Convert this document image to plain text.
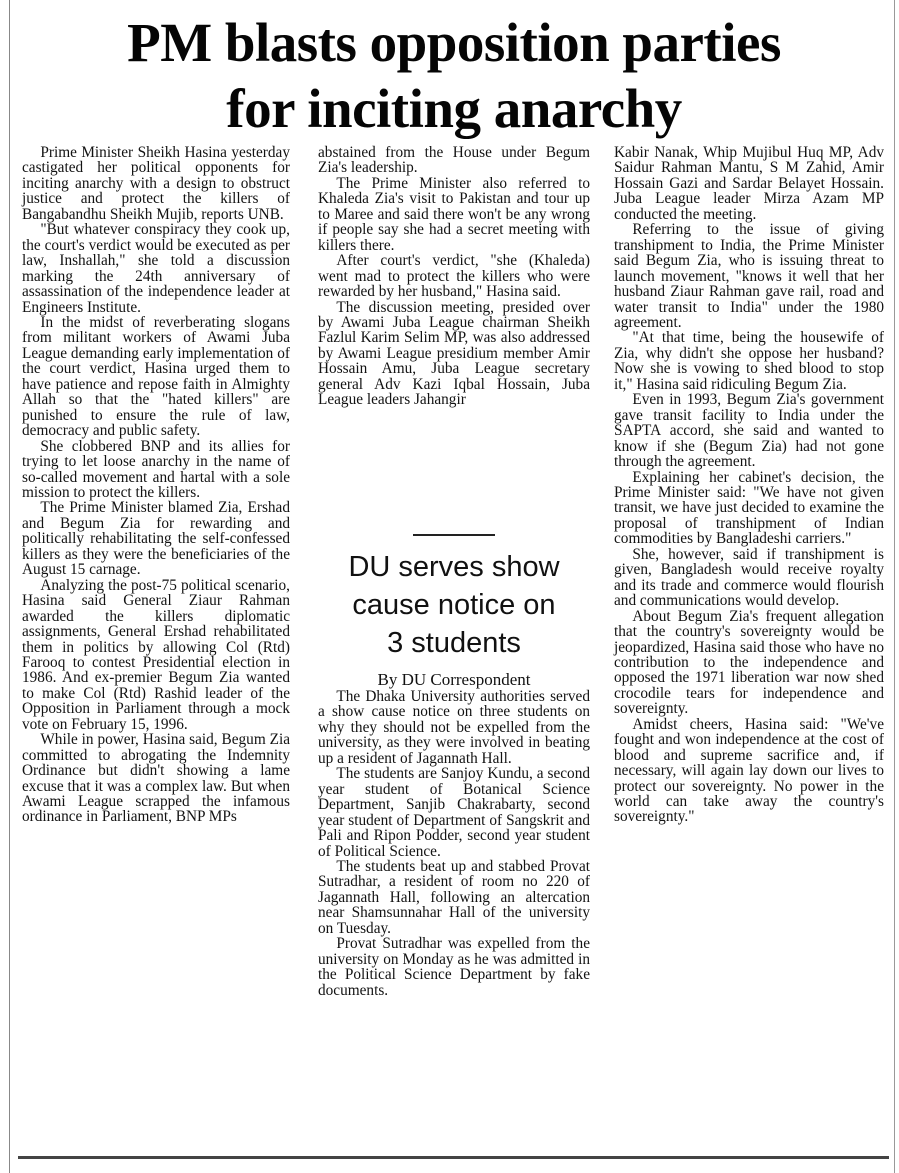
PM blasts opposition parties
for inciting anarchy

Prime Minister Sheikh Hasina yesterday castigated her political opponents for inciting anarchy with a design to obstruct justice and protect the killers of Bangabandhu Sheikh Mujib, reports UNB.

"But whatever conspiracy they cook up, the court's verdict would be executed as per law, Inshallah," she told a discussion marking the 24th anniversary of assassination of the independence leader at Engineers Institute.

In the midst of reverberating slogans from militant workers of Awami Juba League demanding early implementation of the court verdict, Hasina urged them to have patience and repose faith in Almighty Allah so that the "hated killers" are punished to ensure the rule of law, democracy and public safety.

She clobbered BNP and its allies for trying to let loose anarchy in the name of so-called movement and hartal with a sole mission to protect the killers.

The Prime Minister blamed Zia, Ershad and Begum Zia for rewarding and politically rehabilitating the self-confessed killers as they were the beneficiaries of the August 15 carnage.

Analyzing the post-75 political scenario, Hasina said General Ziaur Rahman awarded the killers diplomatic assignments, General Ershad rehabilitated them in politics by allowing Col (Rtd) Farooq to contest Presidential election in 1986. And ex-premier Begum Zia wanted to make Col (Rtd) Rashid leader of the Opposition in Parliament through a mock vote on February 15, 1996.

While in power, Hasina said, Begum Zia committed to abrogating the Indemnity Ordinance but didn't showing a lame excuse that it was a complex law. But when Awami League scrapped the infamous ordinance in Parliament, BNP MPs

abstained from the House under Begum Zia's leadership.

The Prime Minister also referred to Khaleda Zia's visit to Pakistan and tour up to Maree and said there won't be any wrong if people say she had a secret meeting with killers there.

After court's verdict, "she (Khaleda) went mad to protect the killers who were rewarded by her husband," Hasina said.

The discussion meeting, presided over by Awami Juba League chairman Sheikh Fazlul Karim Selim MP, was also addressed by Awami League presidium member Amir Hossain Amu, Juba League secretary general Adv Kazi Iqbal Hossain, Juba League leaders Jahangir

DU serves show
cause notice on
3 students
By DU Correspondent

The Dhaka University authorities served a show cause notice on three students on why they should not be expelled from the university, as they were involved in beating up a resident of Jagannath Hall.

The students are Sanjoy Kundu, a second year student of Botanical Science Department, Sanjib Chakrabarty, second year student of Department of Sangskrit and Pali and Ripon Podder, second year student of Political Science.

The students beat up and stabbed Provat Sutradhar, a resident of room no 220 of Jagannath Hall, following an altercation near Shamsunnahar Hall of the university on Tuesday.

Provat Sutradhar was expelled from the university on Monday as he was admitted in the Political Science Department by fake documents.

Kabir Nanak, Whip Mujibul Huq MP, Adv Saidur Rahman Mantu, S M Zahid, Amir Hossain Gazi and Sardar Belayet Hossain. Juba League leader Mirza Azam MP conducted the meeting.

Referring to the issue of giving transhipment to India, the Prime Minister said Begum Zia, who is issuing threat to launch movement, "knows it well that her husband Ziaur Rahman gave rail, road and water transit to India" under the 1980 agreement.

"At that time, being the housewife of Zia, why didn't she oppose her husband? Now she is vowing to shed blood to stop it," Hasina said ridiculing Begum Zia.

Even in 1993, Begum Zia's government gave transit facility to India under the SAPTA accord, she said and wanted to know if she (Begum Zia) had not gone through the agreement.

Explaining her cabinet's decision, the Prime Minister said: "We have not given transit, we have just decided to examine the proposal of transhipment of Indian commodities by Bangladeshi carriers."

She, however, said if transhipment is given, Bangladesh would receive royalty and its trade and commerce would flourish and communications would develop.

About Begum Zia's frequent allegation that the country's sovereignty would be jeopardized, Hasina said those who have no contribution to the independence and opposed the 1971 liberation war now shed crocodile tears for independence and sovereignty.

Amidst cheers, Hasina said: "We've fought and won independence at the cost of blood and supreme sacrifice and, if necessary, will again lay down our lives to protect our sovereignty. No power in the world can take away the country's sovereignty."
